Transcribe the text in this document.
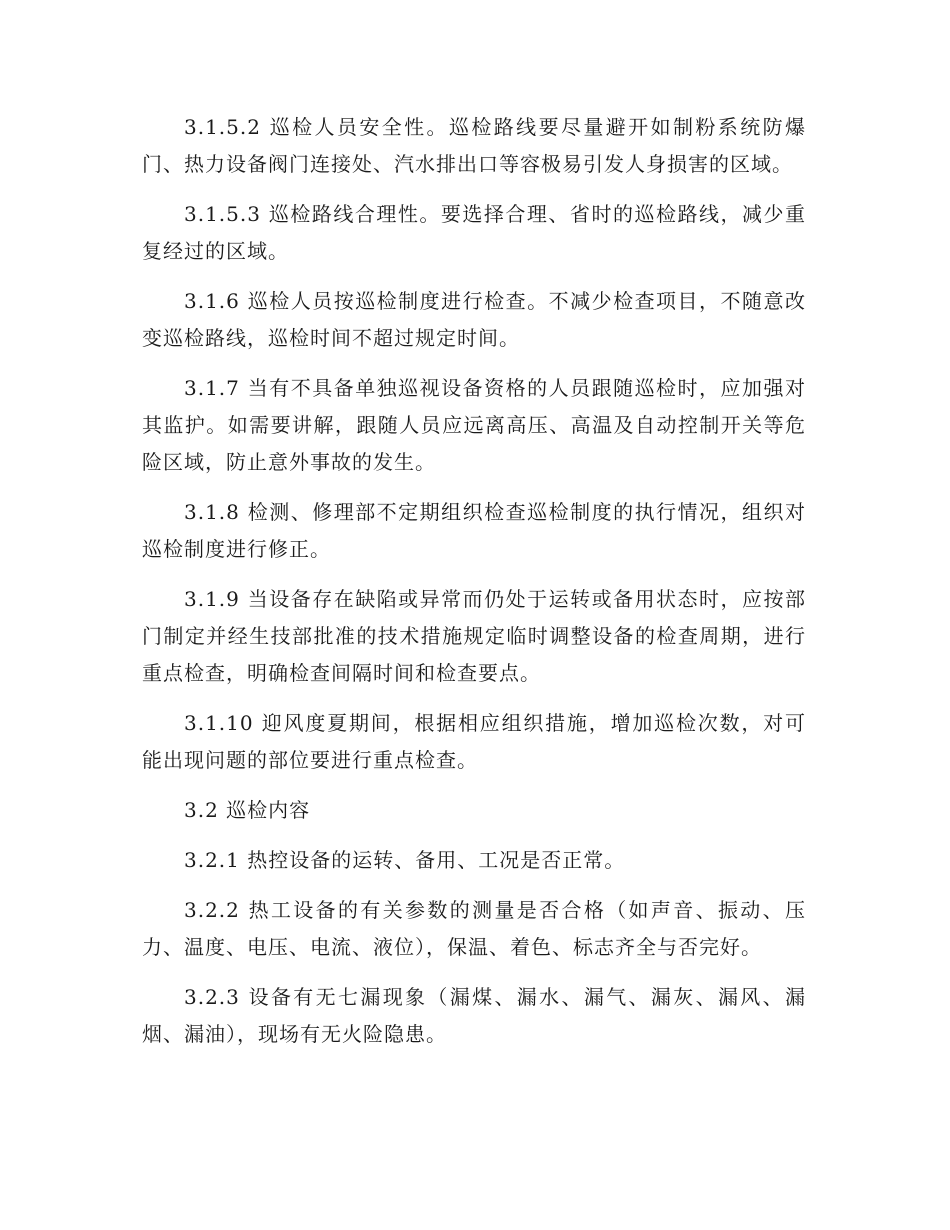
3.1.5.2 巡检人员安全性。巡检路线要尽量避开如制粉系统防爆门、热力设备阀门连接处、汽水排出口等容极易引发人身损害的区域。

3.1.5.3 巡检路线合理性。要选择合理、省时的巡检路线，减少重复经过的区域。

3.1.6 巡检人员按巡检制度进行检查。不减少检查项目，不随意改变巡检路线，巡检时间不超过规定时间。

3.1.7 当有不具备单独巡视设备资格的人员跟随巡检时，应加强对其监护。如需要讲解，跟随人员应远离高压、高温及自动控制开关等危险区域，防止意外事故的发生。

3.1.8 检测、修理部不定期组织检查巡检制度的执行情况，组织对巡检制度进行修正。

3.1.9 当设备存在缺陷或异常而仍处于运转或备用状态时，应按部门制定并经生技部批准的技术措施规定临时调整设备的检查周期，进行重点检查，明确检查间隔时间和检查要点。

3.1.10 迎风度夏期间，根据相应组织措施，增加巡检次数，对可能出现问题的部位要进行重点检查。

3.2 巡检内容

3.2.1 热控设备的运转、备用、工况是否正常。

3.2.2 热工设备的有关参数的测量是否合格（如声音、振动、压力、温度、电压、电流、液位），保温、着色、标志齐全与否完好。

3.2.3 设备有无七漏现象（漏煤、漏水、漏气、漏灰、漏风、漏烟、漏油），现场有无火险隐患。
